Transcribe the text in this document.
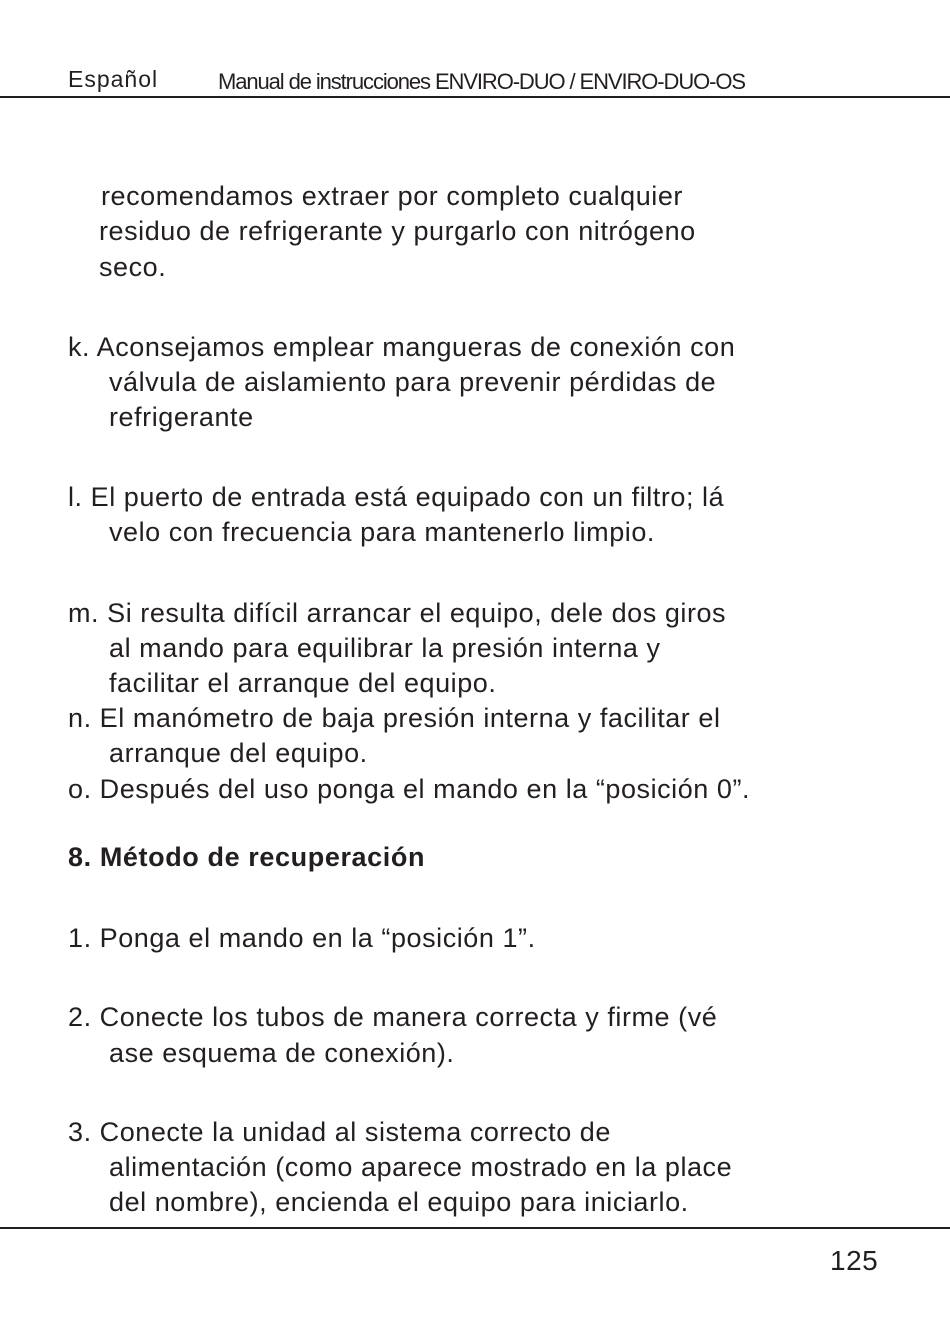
Español	Manual de instrucciones ENVIRO-DUO / ENVIRO-DUO-OS
recomendamos extraer por completo cualquier
residuo de refrigerante y purgarlo con nitrógeno
seco.
k. Aconsejamos emplear mangueras de conexión con
válvula de aislamiento para prevenir pérdidas de
refrigerante
l. El puerto de entrada está equipado con un filtro; lá
velo con frecuencia para mantenerlo limpio.
m. Si resulta difícil arrancar el equipo, dele dos giros
al mando para equilibrar la presión interna y
facilitar el arranque del equipo.
n. El manómetro de baja presión interna y facilitar el
arranque del equipo.
o. Después del uso ponga el mando en la “posición 0”.
8. Método de recuperación
1. Ponga el mando en la “posición 1”.
2. Conecte los tubos de manera correcta y firme (vé
ase esquema de conexión).
3. Conecte la unidad al sistema correcto de
alimentación (como aparece mostrado en la place
del nombre), encienda el equipo para iniciarlo.
125
